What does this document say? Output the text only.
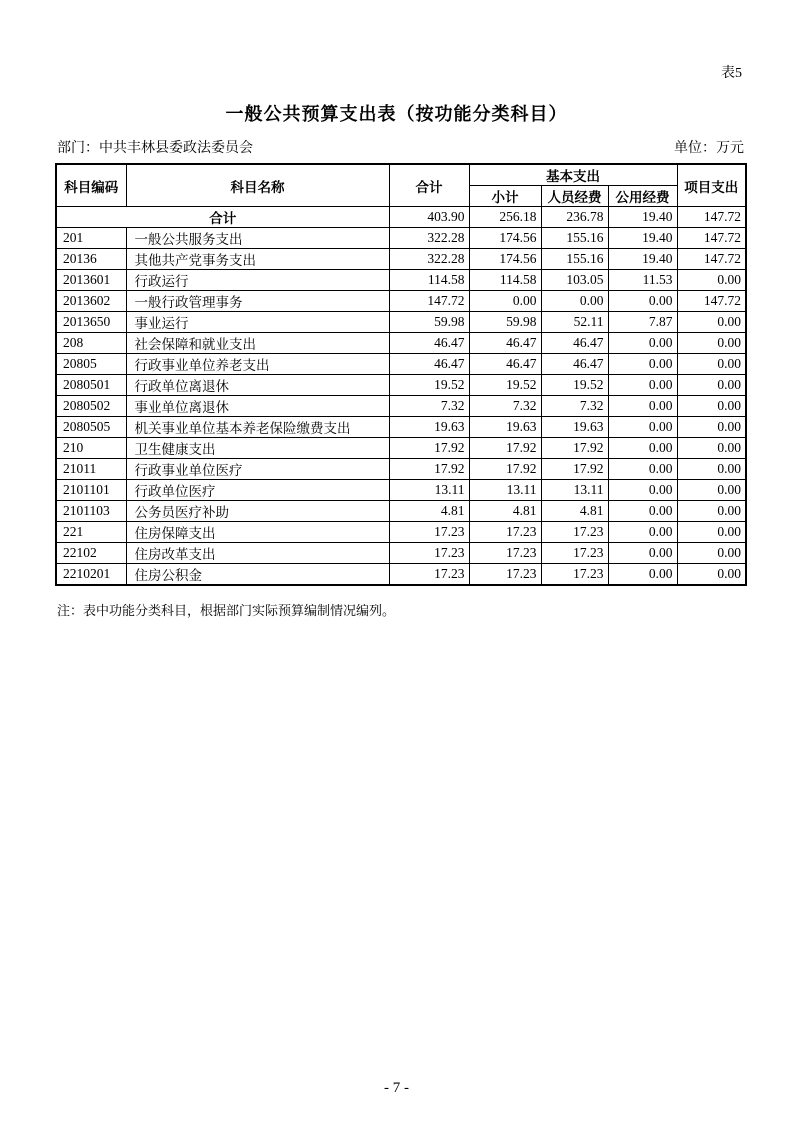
表5
一般公共预算支出表（按功能分类科目）
部门：中共丰林县委政法委员会	单位：万元
科目编码	科目名称	合计	基本支出			项目支出
			小计	人员经费	公用经费	
合计		403.90	256.18	236.78	19.40	147.72
201	一般公共服务支出	322.28	174.56	155.16	19.40	147.72
20136	其他共产党事务支出	322.28	174.56	155.16	19.40	147.72
2013601	行政运行	114.58	114.58	103.05	11.53	0.00
2013602	一般行政管理事务	147.72	0.00	0.00	0.00	147.72
2013650	事业运行	59.98	59.98	52.11	7.87	0.00
208	社会保障和就业支出	46.47	46.47	46.47	0.00	0.00
20805	行政事业单位养老支出	46.47	46.47	46.47	0.00	0.00
2080501	行政单位离退休	19.52	19.52	19.52	0.00	0.00
2080502	事业单位离退休	7.32	7.32	7.32	0.00	0.00
2080505	机关事业单位基本养老保险缴费支出	19.63	19.63	19.63	0.00	0.00
210	卫生健康支出	17.92	17.92	17.92	0.00	0.00
21011	行政事业单位医疗	17.92	17.92	17.92	0.00	0.00
2101101	行政单位医疗	13.11	13.11	13.11	0.00	0.00
2101103	公务员医疗补助	4.81	4.81	4.81	0.00	0.00
221	住房保障支出	17.23	17.23	17.23	0.00	0.00
22102	住房改革支出	17.23	17.23	17.23	0.00	0.00
2210201	住房公积金	17.23	17.23	17.23	0.00	0.00
注：表中功能分类科目，根据部门实际预算编制情况编列。
- 7 -
